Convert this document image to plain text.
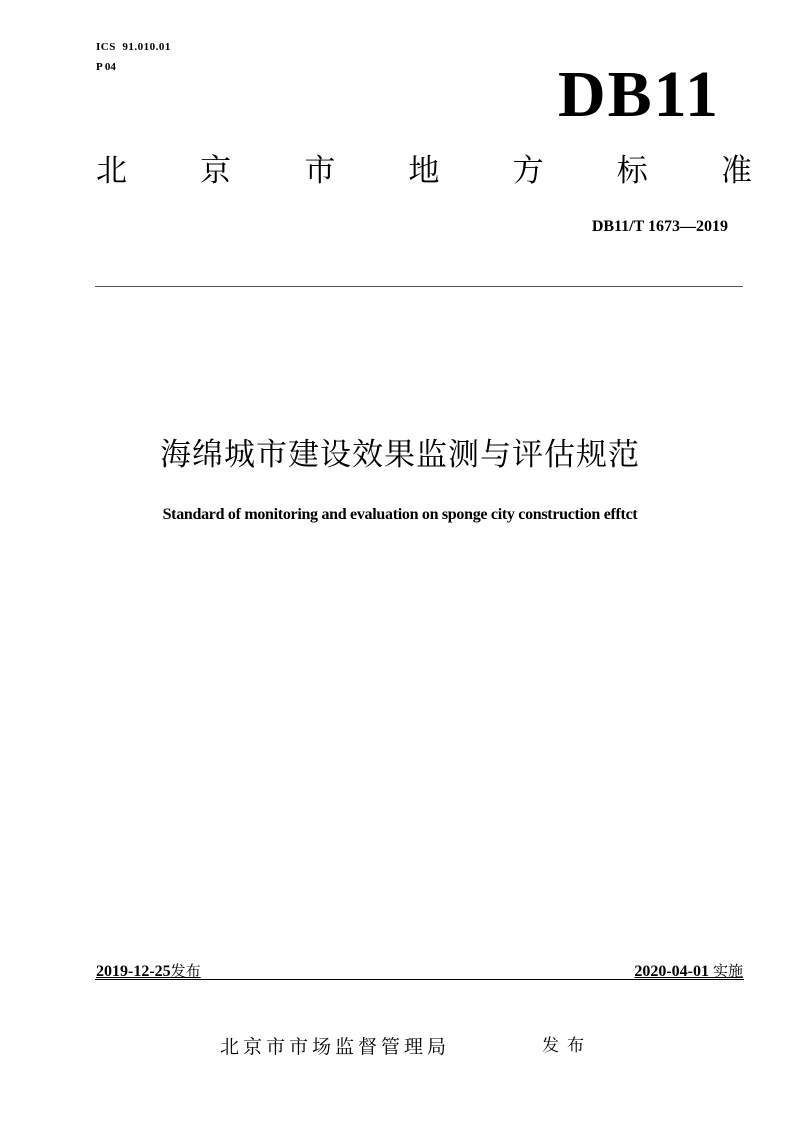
ICS  91.010.01
P 04	DB11
北 京 市 地 方 标 准
DB11/T 1673—2019
海绵城市建设效果监测与评估规范
Standard of monitoring and evaluation on sponge city construction efftct
2019-12-25发布	2020-04-01 实施
北京市市场监督管理局	发布
